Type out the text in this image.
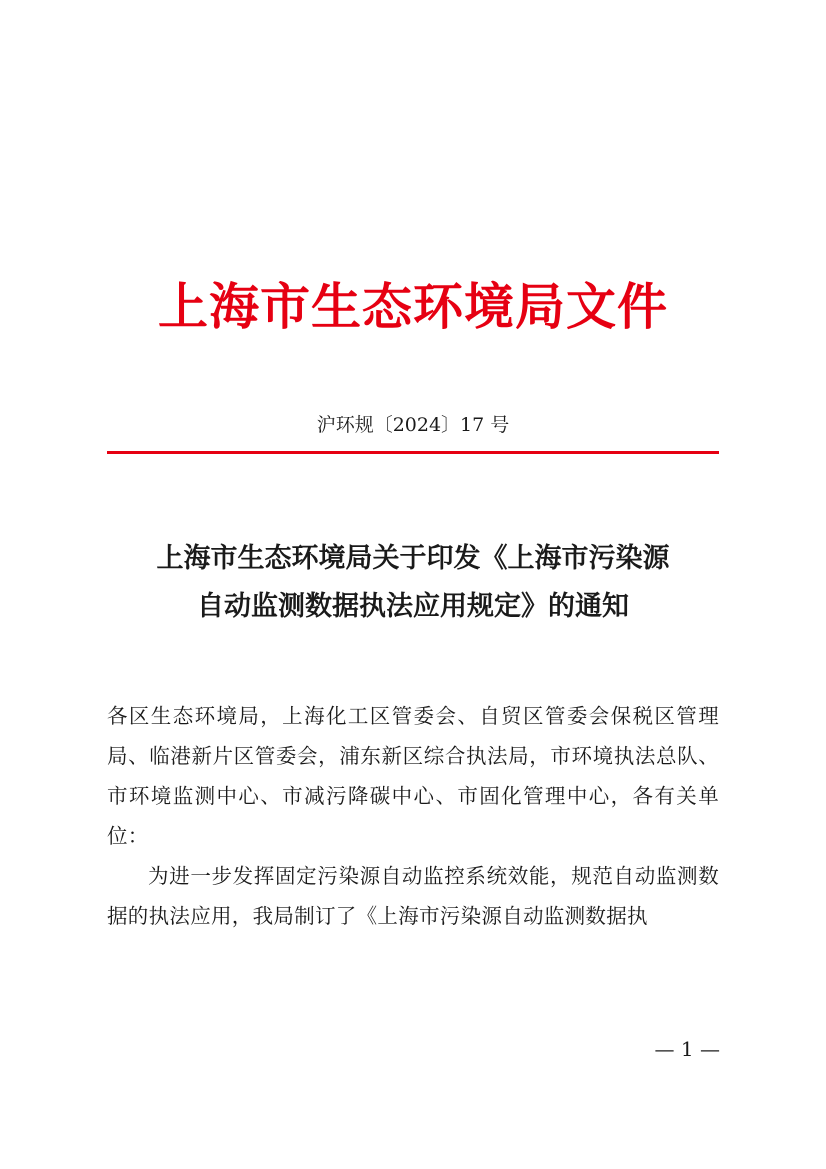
上海市生态环境局文件
沪环规〔2024〕17 号
上海市生态环境局关于印发《上海市污染源
自动监测数据执法应用规定》的通知

各区生态环境局，上海化工区管委会、自贸区管委会保税区管理局、临港新片区管委会，浦东新区综合执法局，市环境执法总队、市环境监测中心、市减污降碳中心、市固化管理中心，各有关单位：

为进一步发挥固定污染源自动监控系统效能，规范自动监测数据的执法应用，我局制订了《上海市污染源自动监测数据执

— 1 —
